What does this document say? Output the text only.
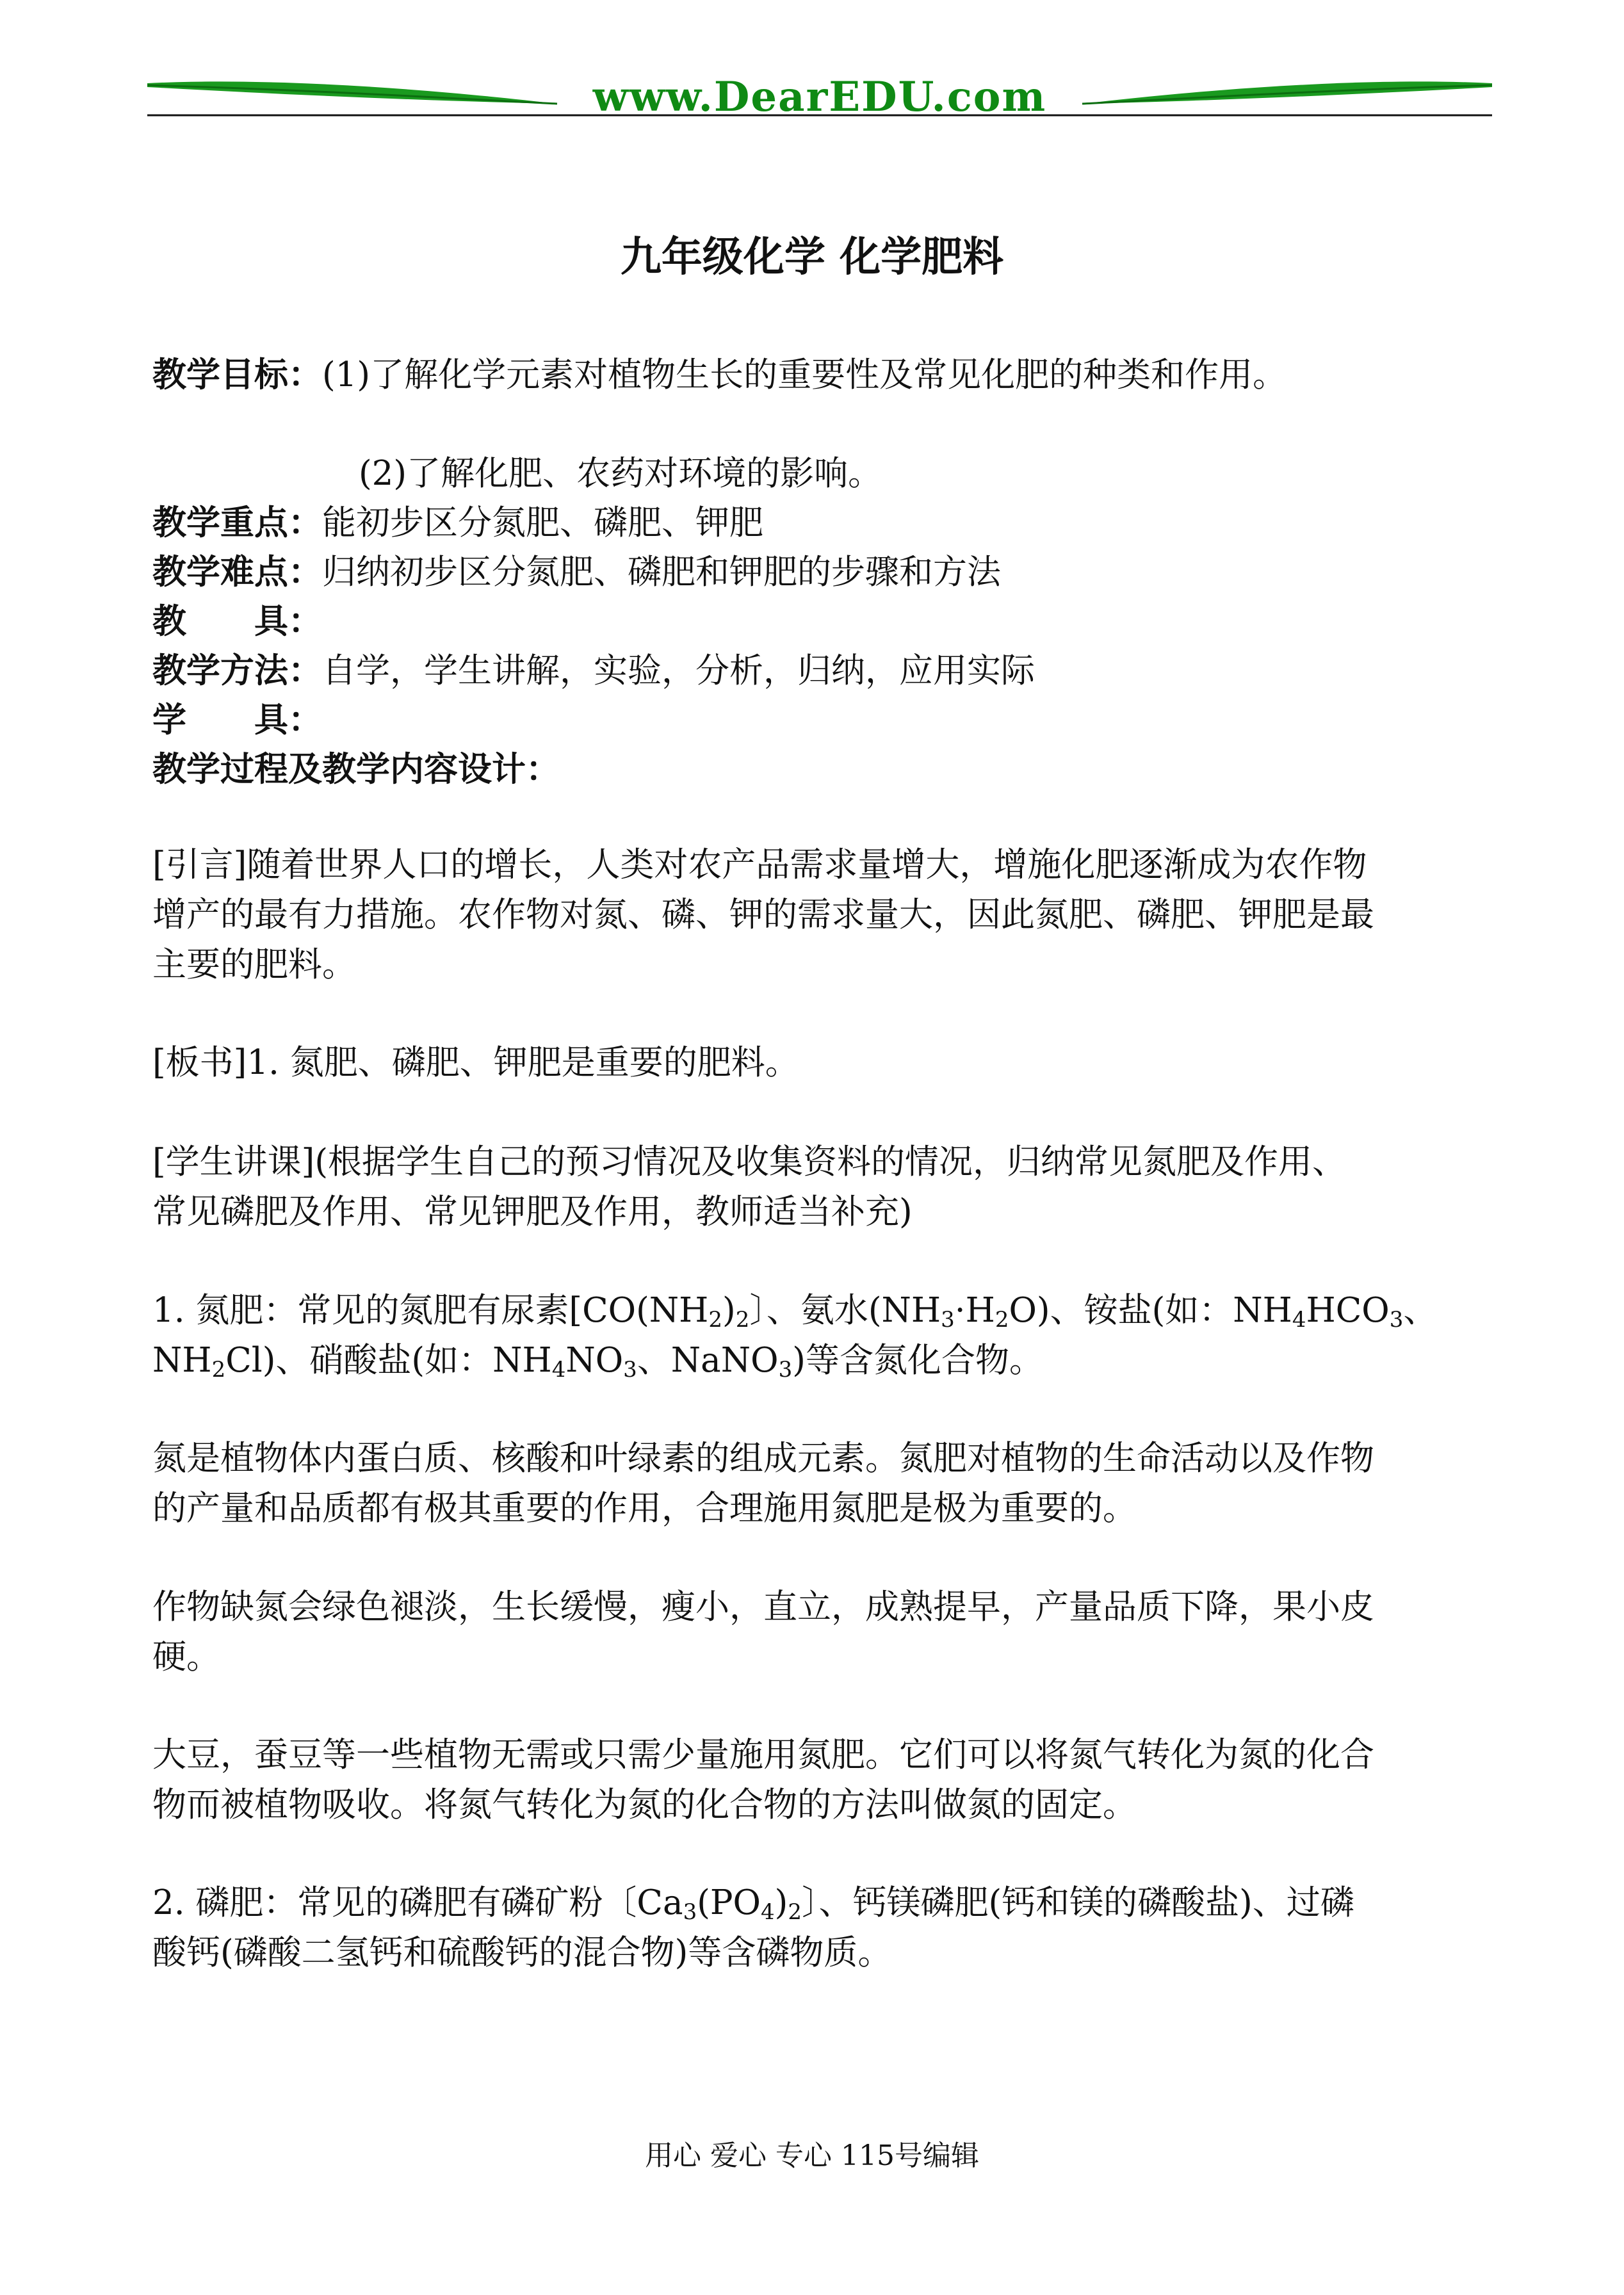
www.DearEDU.com
九年级化学 化学肥料
教学目标：(1)了解化学元素对植物生长的重要性及常见化肥的种类和作用。
(2)了解化肥、农药对环境的影响。
教学重点：能初步区分氮肥、磷肥、钾肥
教学难点：归纳初步区分氮肥、磷肥和钾肥的步骤和方法
教　　具：
教学方法：自学，学生讲解，实验，分析，归纳，应用实际
学　　具：
教学过程及教学内容设计：
[引言]随着世界人口的增长，人类对农产品需求量增大，增施化肥逐渐成为农作物
增产的最有力措施。农作物对氮、磷、钾的需求量大，因此氮肥、磷肥、钾肥是最
主要的肥料。
[板书]1. 氮肥、磷肥、钾肥是重要的肥料。
[学生讲课](根据学生自己的预习情况及收集资料的情况，归纳常见氮肥及作用、
常见磷肥及作用、常见钾肥及作用，教师适当补充)
1. 氮肥：常见的氮肥有尿素[$CO(NH_2)_2$〕、氨水$(NH_3\cdot H_2O)$、铵盐(如：$NH_4HCO_3$、
$NH_2Cl$)、硝酸盐(如：$NH_4NO_3$、NaNO$_3$)等含氮化合物。
氮是植物体内蛋白质、核酸和叶绿素的组成元素。氮肥对植物的生命活动以及作物
的产量和品质都有极其重要的作用，合理施用氮肥是极为重要的。
作物缺氮会绿色褪淡，生长缓慢，瘦小，直立，成熟提早，产量品质下降，果小皮
硬。
大豆，蚕豆等一些植物无需或只需少量施用氮肥。它们可以将氮气转化为氮的化合
物而被植物吸收。将氮气转化为氮的化合物的方法叫做氮的固定。
2. 磷肥：常见的磷肥有磷矿粉〔$Ca_3(PO_4)_2$〕、钙镁磷肥(钙和镁的磷酸盐)、过磷
酸钙(磷酸二氢钙和硫酸钙的混合物)等含磷物质。
用心 爱心 专心 115号编辑
